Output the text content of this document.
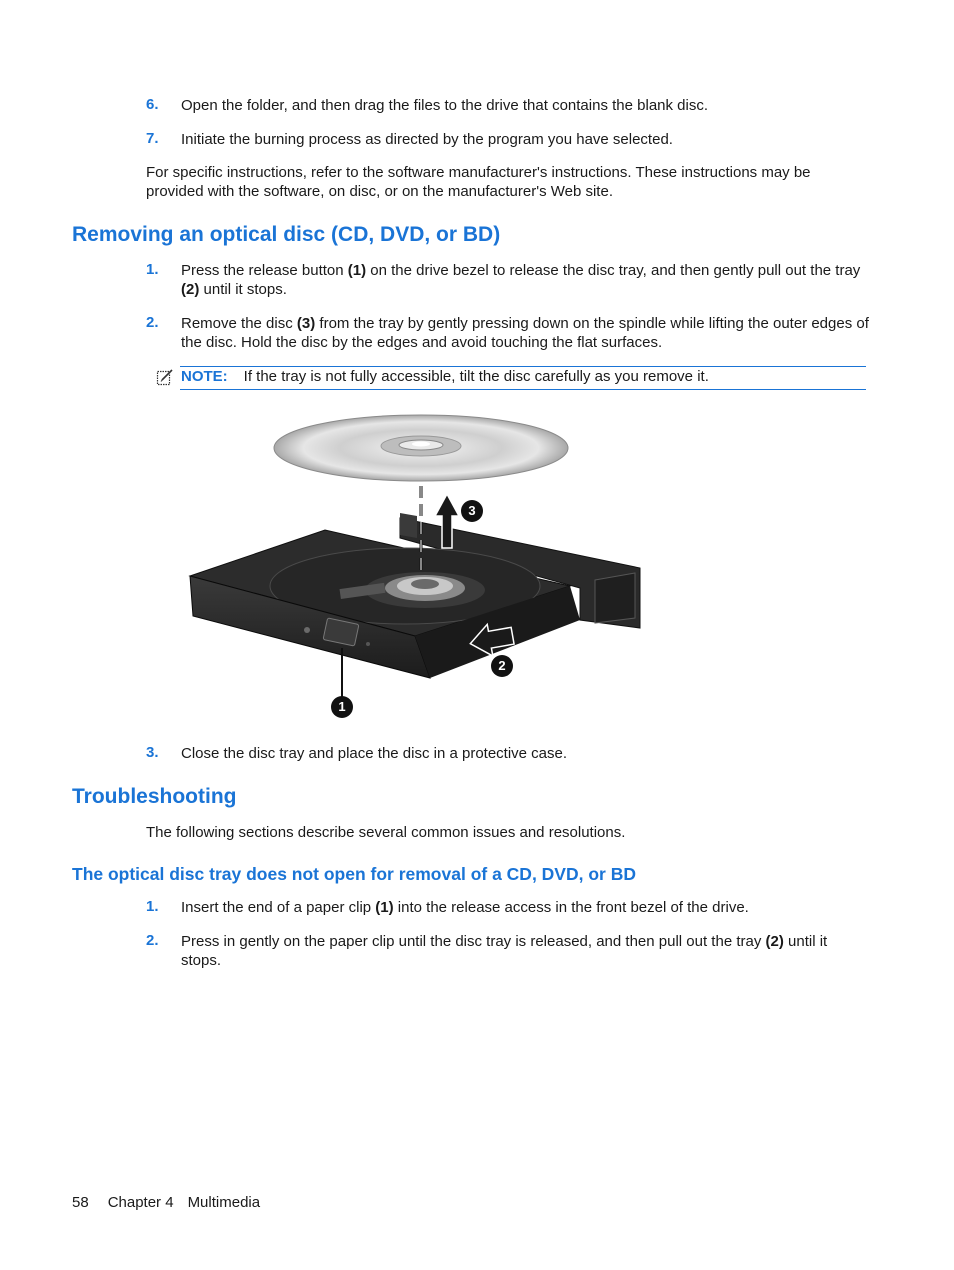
6. Open the folder, and then drag the files to the drive that contains the blank disc.
7. Initiate the burning process as directed by the program you have selected.
For specific instructions, refer to the software manufacturer's instructions. These instructions may be provided with the software, on disc, or on the manufacturer's Web site.
Removing an optical disc (CD, DVD, or BD)
1. Press the release button (1) on the drive bezel to release the disc tray, and then gently pull out the tray (2) until it stops.
2. Remove the disc (3) from the tray by gently pressing down on the spindle while lifting the outer edges of the disc. Hold the disc by the edges and avoid touching the flat surfaces.
NOTE: If the tray is not fully accessible, tilt the disc carefully as you remove it.
1
2
3
3. Close the disc tray and place the disc in a protective case.
Troubleshooting
The following sections describe several common issues and resolutions.
The optical disc tray does not open for removal of a CD, DVD, or BD
1. Insert the end of a paper clip (1) into the release access in the front bezel of the drive.
2. Press in gently on the paper clip until the disc tray is released, and then pull out the tray (2) until it stops.
58 Chapter 4 Multimedia
